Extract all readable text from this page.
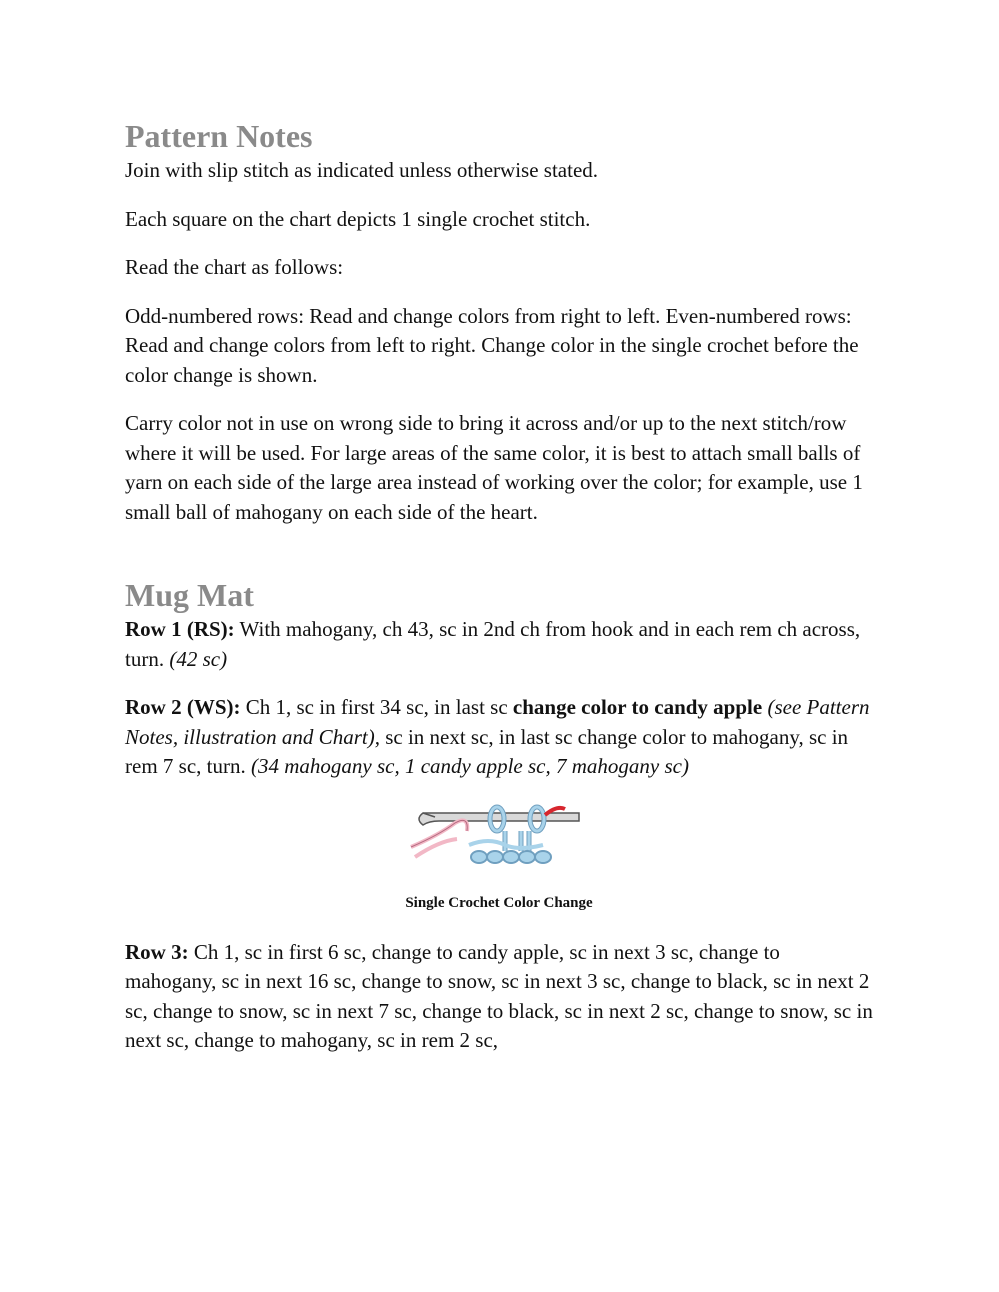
Pattern Notes

Join with slip stitch as indicated unless otherwise stated.

Each square on the chart depicts 1 single crochet stitch.

Read the chart as follows:

Odd-numbered rows: Read and change colors from right to left. Even-numbered rows: Read and change colors from left to right. Change color in the single crochet before the color change is shown.

Carry color not in use on wrong side to bring it across and/or up to the next stitch/row where it will be used. For large areas of the same color, it is best to attach small balls of yarn on each side of the large area instead of working over the color; for example, use 1 small ball of mahogany on each side of the heart.

Mug Mat

Row 1 (RS): With mahogany, ch 43, sc in 2nd ch from hook and in each rem ch across, turn. (42 sc)

Row 2 (WS): Ch 1, sc in first 34 sc, in last sc change color to candy apple (see Pattern Notes, illustration and Chart), sc in next sc, in last sc change color to mahogany, sc in rem 7 sc, turn. (34 mahogany sc, 1 candy apple sc, 7 mahogany sc)

Single Crochet Color Change

Row 3: Ch 1, sc in first 6 sc, change to candy apple, sc in next 3 sc, change to mahogany, sc in next 16 sc, change to snow, sc in next 3 sc, change to black, sc in next 2 sc, change to snow, sc in next 7 sc, change to black, sc in next 2 sc, change to snow, sc in next sc, change to mahogany, sc in rem 2 sc,
